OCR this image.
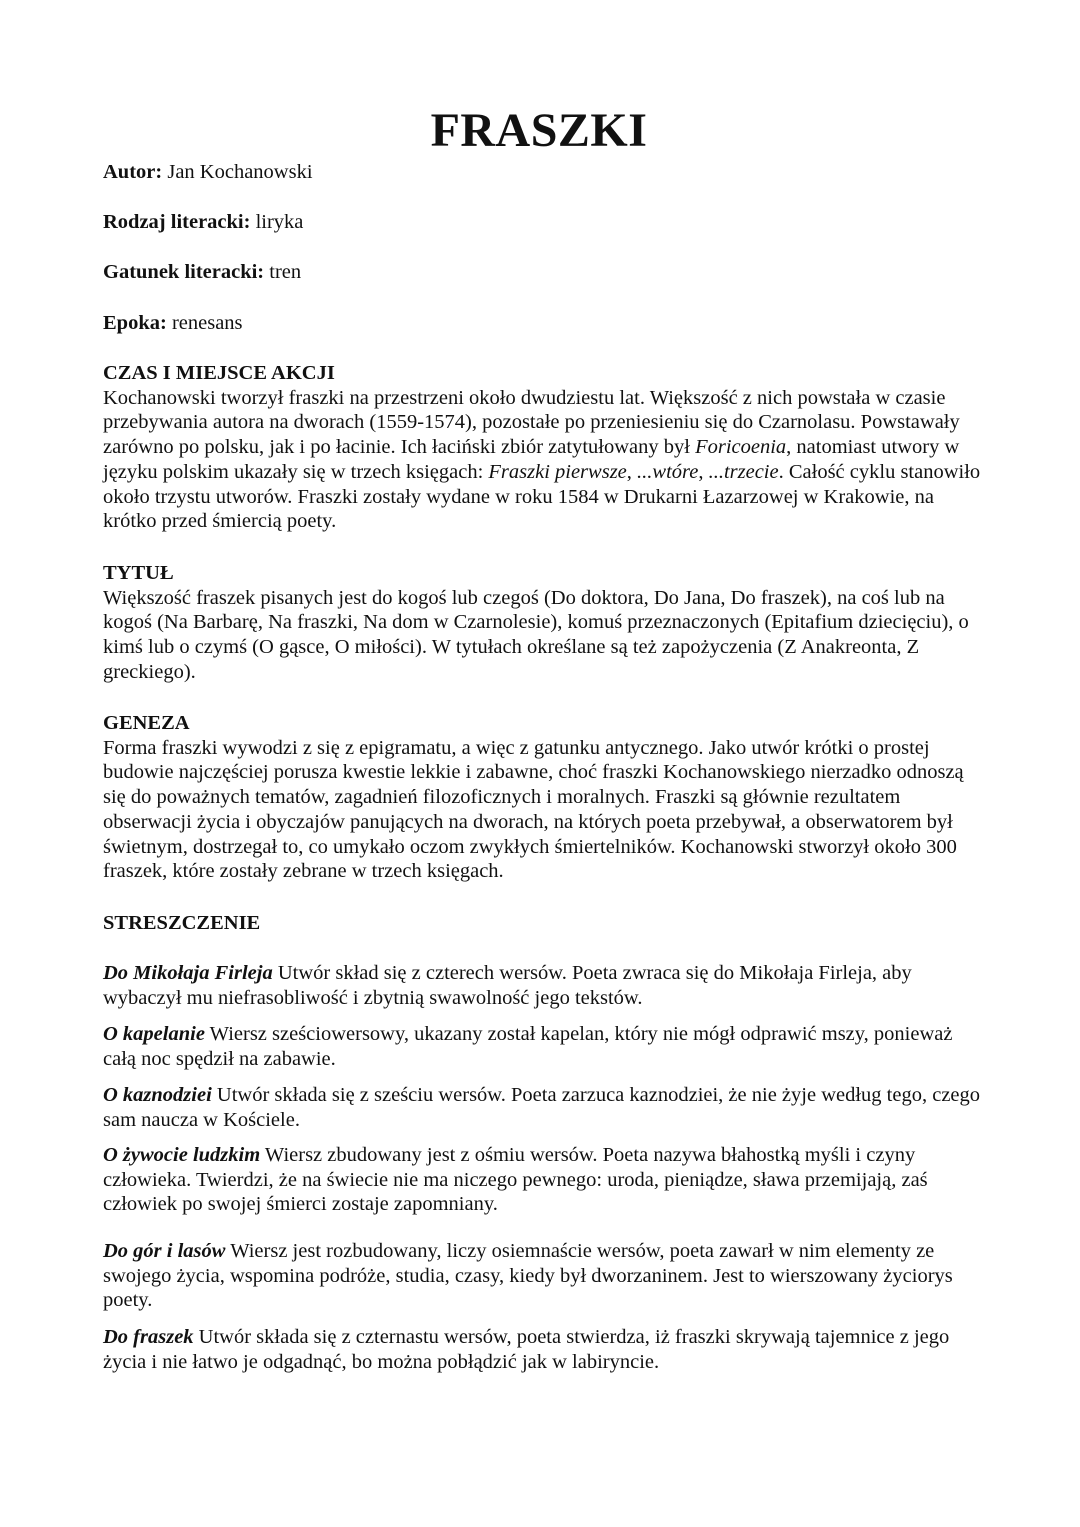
FRASZKI

Autor: Jan Kochanowski

Rodzaj literacki: liryka

Gatunek literacki: tren

Epoka: renesans

CZAS I MIEJSCE AKCJI

Kochanowski tworzył fraszki na przestrzeni około dwudziestu lat. Większość z nich powstała w czasie przebywania autora na dworach (1559-1574), pozostałe po przeniesieniu się do Czarnolasu. Powstawały zarówno po polsku, jak i po łacinie. Ich łaciński zbiór zatytułowany był Foricoenia, natomiast utwory w języku polskim ukazały się w trzech księgach: Fraszki pierwsze, ...wtóre, ...trzecie. Całość cyklu stanowiło około trzystu utworów. Fraszki zostały wydane w roku 1584 w Drukarni Łazarzowej w Krakowie, na krótko przed śmiercią poety.

TYTUŁ

Większość fraszek pisanych jest do kogoś lub czegoś (Do doktora, Do Jana, Do fraszek), na coś lub na kogoś (Na Barbarę, Na fraszki, Na dom w Czarnolesie), komuś przeznaczonych (Epitafium dziecięciu), o kimś lub o czymś (O gąsce, O miłości). W tytułach określane są też zapożyczenia (Z Anakreonta, Z greckiego).

GENEZA

Forma fraszki wywodzi z się z epigramatu, a więc z gatunku antycznego. Jako utwór krótki o prostej budowie najczęściej porusza kwestie lekkie i zabawne, choć fraszki Kochanowskiego nierzadko odnoszą się do poważnych tematów, zagadnień filozoficznych i moralnych. Fraszki są głównie rezultatem obserwacji życia i obyczajów panujących na dworach, na których poeta przebywał, a obserwatorem był świetnym, dostrzegał to, co umykało oczom zwykłych śmiertelników. Kochanowski stworzył około 300 fraszek, które zostały zebrane w trzech księgach.

STRESZCZENIE

Do Mikołaja Firleja Utwór skład się z czterech wersów. Poeta zwraca się do Mikołaja Firleja, aby wybaczył mu niefrasobliwość i zbytnią swawolność jego tekstów.

O kapelanie Wiersz sześciowersowy, ukazany został kapelan, który nie mógł odprawić mszy, ponieważ całą noc spędził na zabawie.

O kaznodziei Utwór składa się z sześciu wersów. Poeta zarzuca kaznodziei, że nie żyje według tego, czego sam naucza w Kościele.

O żywocie ludzkim Wiersz zbudowany jest z ośmiu wersów. Poeta nazywa błahostką myśli i czyny człowieka. Twierdzi, że na świecie nie ma niczego pewnego: uroda, pieniądze, sława przemijają, zaś człowiek po swojej śmierci zostaje zapomniany.

Do gór i lasów Wiersz jest rozbudowany, liczy osiemnaście wersów, poeta zawarł w nim elementy ze swojego życia, wspomina podróże, studia, czasy, kiedy był dworzaninem. Jest to wierszowany życiorys poety.

Do fraszek Utwór składa się z czternastu wersów, poeta stwierdza, iż fraszki skrywają tajemnice z jego życia i nie łatwo je odgadnąć, bo można pobłądzić jak w labiryncie.
